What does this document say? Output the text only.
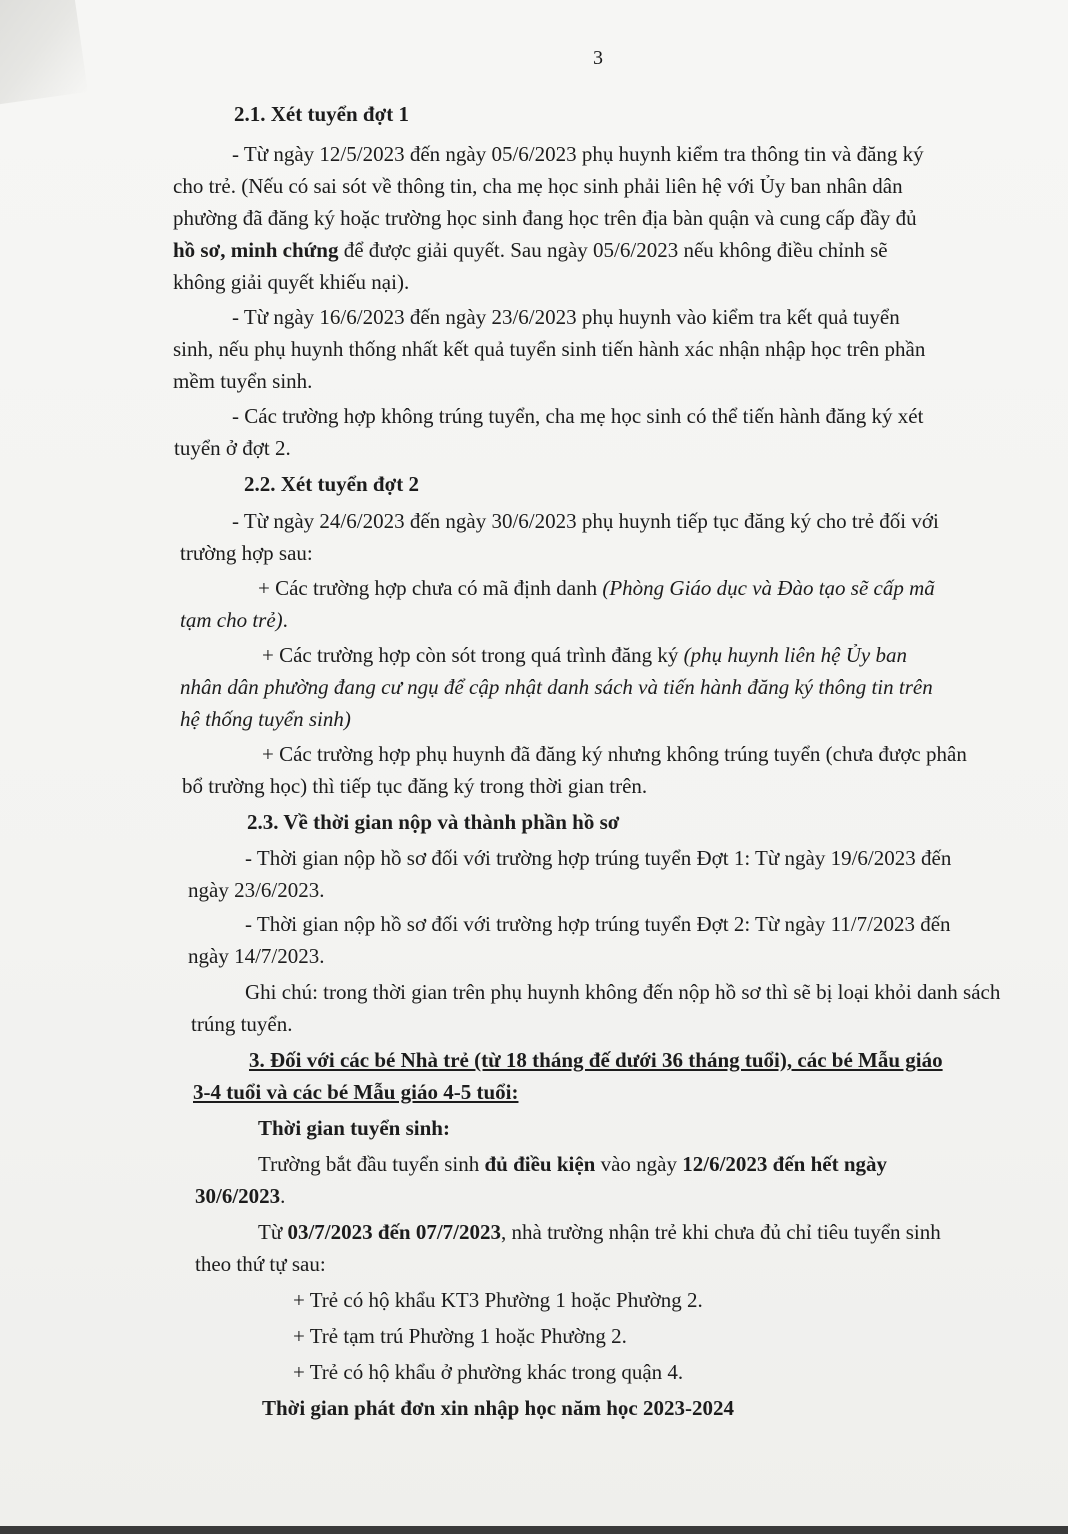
3
2.1. Xét tuyển đợt 1
- Từ ngày 12/5/2023 đến ngày 05/6/2023 phụ huynh kiểm tra thông tin và đăng ký
cho trẻ. (Nếu có sai sót về thông tin, cha mẹ học sinh phải liên hệ với Ủy ban nhân dân
phường đã đăng ký hoặc trường học sinh đang học trên địa bàn quận và cung cấp đầy đủ
hồ sơ, minh chứng để được giải quyết. Sau ngày 05/6/2023 nếu không điều chỉnh sẽ
không giải quyết khiếu nại).
- Từ ngày 16/6/2023 đến ngày 23/6/2023 phụ huynh vào kiểm tra kết quả tuyển
sinh, nếu phụ huynh thống nhất kết quả tuyển sinh tiến hành xác nhận nhập học trên phần
mềm tuyển sinh.
- Các trường hợp không trúng tuyển, cha mẹ học sinh có thể tiến hành đăng ký xét
tuyển ở đợt 2.
2.2. Xét tuyển đợt 2
- Từ ngày 24/6/2023 đến ngày 30/6/2023 phụ huynh tiếp tục đăng ký cho trẻ đối với
trường hợp sau:
+ Các trường hợp chưa có mã định danh (Phòng Giáo dục và Đào tạo sẽ cấp mã
tạm cho trẻ).
+ Các trường hợp còn sót trong quá trình đăng ký (phụ huynh liên hệ Ủy ban
nhân dân phường đang cư ngụ để cập nhật danh sách và tiến hành đăng ký thông tin trên
hệ thống tuyển sinh)
+ Các trường hợp phụ huynh đã đăng ký nhưng không trúng tuyển (chưa được phân
bổ trường học) thì tiếp tục đăng ký trong thời gian trên.
2.3. Về thời gian nộp và thành phần hồ sơ
- Thời gian nộp hồ sơ đối với trường hợp trúng tuyển Đợt 1: Từ ngày 19/6/2023 đến
ngày 23/6/2023.
- Thời gian nộp hồ sơ đối với trường hợp trúng tuyển Đợt 2: Từ ngày 11/7/2023 đến
ngày 14/7/2023.
Ghi chú: trong thời gian trên phụ huynh không đến nộp hồ sơ thì sẽ bị loại khỏi danh sách
trúng tuyển.
3. Đối với các bé Nhà trẻ (từ 18 tháng đế dưới 36 tháng tuổi), các bé Mẫu giáo
3-4 tuổi và các bé Mẫu giáo 4-5 tuổi:
Thời gian tuyển sinh:
Trường bắt đầu tuyển sinh đủ điều kiện vào ngày 12/6/2023 đến hết ngày
30/6/2023.
Từ 03/7/2023 đến 07/7/2023, nhà trường nhận trẻ khi chưa đủ chỉ tiêu tuyển sinh
theo thứ tự sau:
+ Trẻ có hộ khẩu KT3 Phường 1 hoặc Phường 2.
+ Trẻ tạm trú Phường 1 hoặc Phường 2.
+ Trẻ có hộ khẩu ở phường khác trong quận 4.
Thời gian phát đơn xin nhập học năm học 2023-2024
